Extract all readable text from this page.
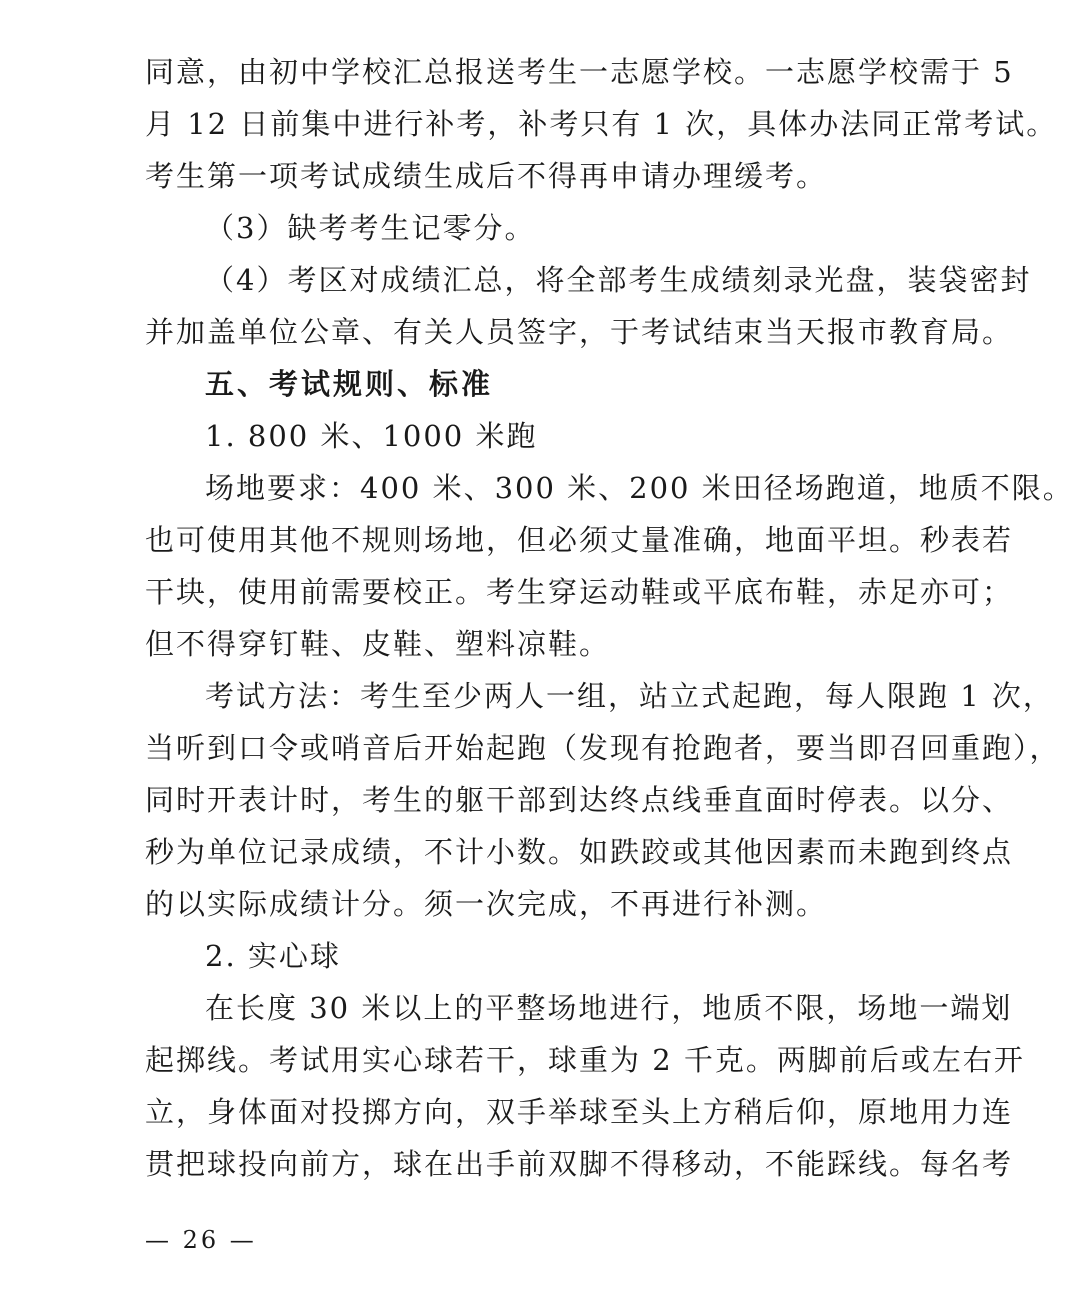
同意，由初中学校汇总报送考生一志愿学校。一志愿学校需于 5
月 12 日前集中进行补考，补考只有 1 次，具体办法同正常考试。
考生第一项考试成绩生成后不得再申请办理缓考。
（3）缺考考生记零分。
（4）考区对成绩汇总，将全部考生成绩刻录光盘，装袋密封
并加盖单位公章、有关人员签字，于考试结束当天报市教育局。
五、考试规则、标准
1. 800 米、1000 米跑
场地要求：400 米、300 米、200 米田径场跑道，地质不限。
也可使用其他不规则场地，但必须丈量准确，地面平坦。秒表若
干块，使用前需要校正。考生穿运动鞋或平底布鞋，赤足亦可；
但不得穿钉鞋、皮鞋、塑料凉鞋。
考试方法：考生至少两人一组，站立式起跑，每人限跑 1 次，
当听到口令或哨音后开始起跑（发现有抢跑者，要当即召回重跑），
同时开表计时，考生的躯干部到达终点线垂直面时停表。以分、
秒为单位记录成绩，不计小数。如跌跤或其他因素而未跑到终点
的以实际成绩计分。须一次完成，不再进行补测。
2. 实心球
在长度 30 米以上的平整场地进行，地质不限，场地一端划
起掷线。考试用实心球若干，球重为 2 千克。两脚前后或左右开
立，身体面对投掷方向，双手举球至头上方稍后仰，原地用力连
贯把球投向前方，球在出手前双脚不得移动，不能踩线。每名考
— 26 —
